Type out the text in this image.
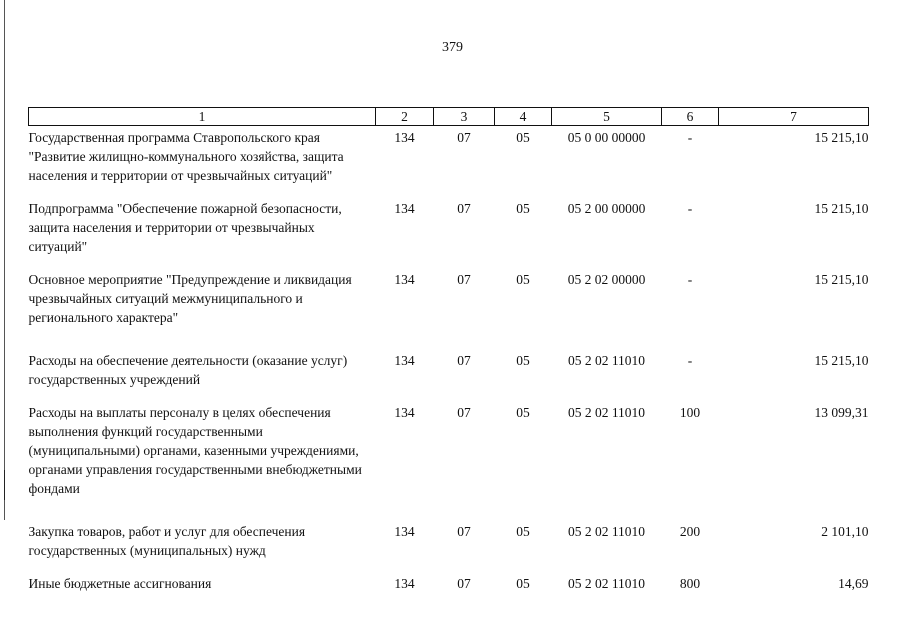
379
1	2	3	4	5	6	7
Государственная программа Ставропольского края "Развитие жилищно-коммунального хозяйства, защита населения и территории от чрезвычайных ситуаций"	134	07	05	05 0 00 00000	-	15 215,10
Подпрограмма "Обеспечение пожарной безопасности, защита населения и территории от чрезвычайных ситуаций"	134	07	05	05 2 00 00000	-	15 215,10
Основное мероприятие "Предупреждение и ликвидация чрезвычайных ситуаций межмуниципального и регионального характера"	134	07	05	05 2 02 00000	-	15 215,10
Расходы на обеспечение деятельности (оказание услуг) государственных учреждений	134	07	05	05 2 02 11010	-	15 215,10
Расходы на выплаты персоналу в целях обеспечения выполнения функций государственными (муниципальными) органами, казенными учреждениями, органами управления государственными внебюджетными фондами	134	07	05	05 2 02 11010	100	13 099,31
Закупка товаров, работ и услуг для обеспечения государственных (муниципальных) нужд	134	07	05	05 2 02 11010	200	2 101,10
Иные бюджетные ассигнования	134	07	05	05 2 02 11010	800	14,69
